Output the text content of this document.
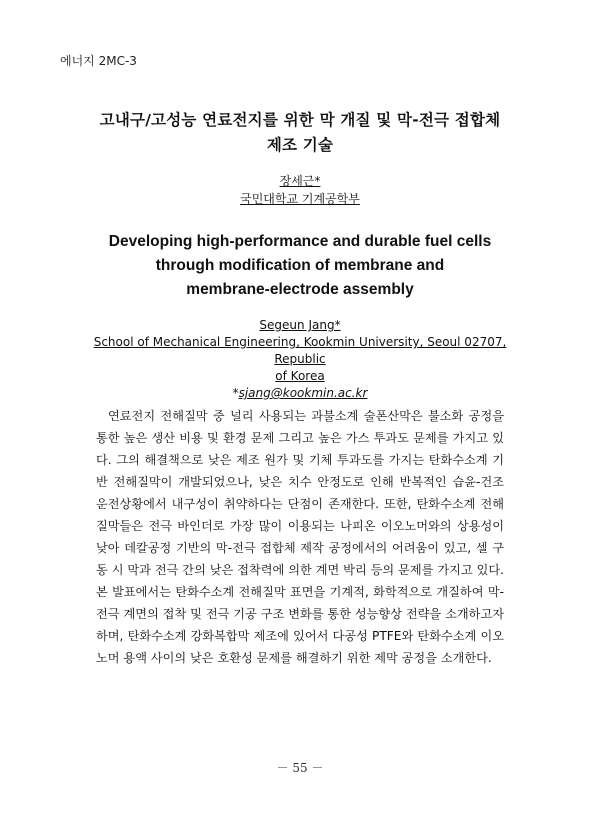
에너지 2MC-3
고내구/고성능 연료전지를 위한 막 개질 및 막-전극 접합체
제조 기술
장세근*
국민대학교 기계공학부
Developing high-performance and durable fuel cells
through modification of membrane and
membrane-electrode assembly
Segeun Jang*
School of Mechanical Engineering, Kookmin University, Seoul 02707, Republic
of Korea
*sjang@kookmin.ac.kr

연료전지 전해질막 중 널리 사용되는 과불소계 술폰산막은 불소화 공정을 통한 높은 생산 비용 및 환경 문제 그리고 높은 가스 투과도 문제를 가지고 있다. 그의 해결책으로 낮은 제조 원가 및 기체 투과도를 가지는 탄화수소계 기반 전해질막이 개발되었으나, 낮은 치수 안정도로 인해 반복적인 습윤-건조 운전상황에서 내구성이 취약하다는 단점이 존재한다. 또한, 탄화수소계 전해질막들은 전극 바인더로 가장 많이 이용되는 나피온 이오노머와의 상용성이 낮아 데칼공정 기반의 막-전극 접합체 제작 공정에서의 어려움이 있고, 셀 구동 시 막과 전극 간의 낮은 접착력에 의한 계면 박리 등의 문제를 가지고 있다. 본 발표에서는 탄화수소계 전해질막 표면을 기계적, 화학적으로 개질하여 막-전극 계면의 접착 및 전극 기공 구조 변화를 통한 성능향상 전략을 소개하고자 하며, 탄화수소계 강화복합막 제조에 있어서 다공성 PTFE와 탄화수소계 이오노머 용액 사이의 낮은 호환성 문제를 해결하기 위한 제막 공정을 소개한다.

－ 55 －
